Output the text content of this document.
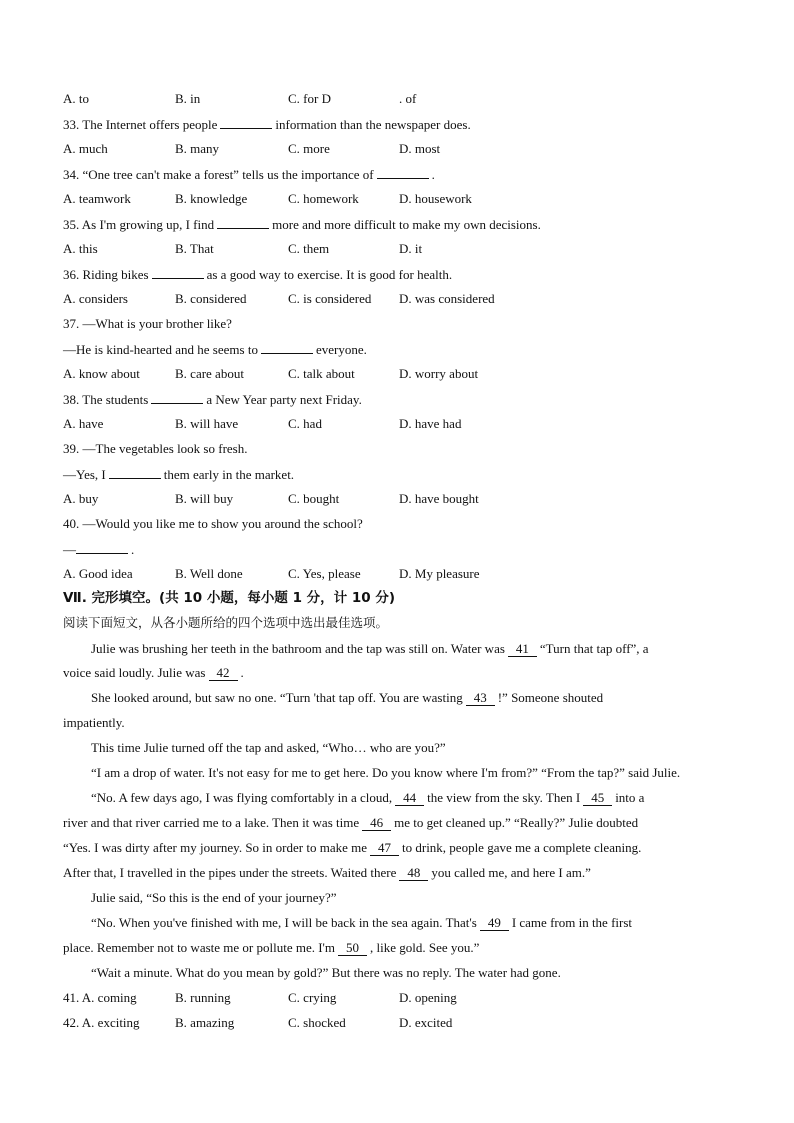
A. to	B. in	C. for D	. of
33. The Internet offers people	information than the newspaper does.
A. much	B. many	C. more	D. most
34. “One tree can't make a forest” tells us the importance of	.
A. teamwork	B. knowledge	C. homework	D. housework
35. As I'm growing up, I find	more and more difficult to make my own decisions.
A. this	B. That	C. them	D. it
36. Riding bikes	as a good way to exercise. It is good for health.
A. considers	B. considered	C. is considered D. was considered
37. —What is your brother like?
—He is kind-hearted and he seems to	everyone.
A. know about	B. care about	C. talk about	D. worry about
38. The students	a New Year party next Friday.
A. have	B. will have	C. had	D. have had
39. —The vegetables look so fresh.
—Yes, I	them early in the market.
A. buy	B. will buy	C. bought	D. have bought
40. —Would you like me to show you around the school?
—	.
A. Good idea	B. Well done	C. Yes, please	D. My pleasure
Ⅶ. 完形填空。(共 10 小题，每小题 1 分，计 10 分)
阅读下面短文，从各小题所给的四个选项中选出最佳选项。
Julie was brushing her teeth in the bathroom and the tap was still on. Water was 41 “Turn that tap off”, a
voice said loudly. Julie was 42 .
She looked around, but saw no one. “Turn 'that tap off. You are wasting 43 !” Someone shouted
impatiently.
This time Julie turned off the tap and asked, “Who… who are you?”
“I am a drop of water. It's not easy for me to get here. Do you know where I'm from?” “From the tap?” said Julie.
“No. A few days ago, I was flying comfortably in a cloud, 44 the view from the sky. Then I 45 into a
river and that river carried me to a lake. Then it was time 46 me to get cleaned up.” “Really?” Julie doubted
“Yes. I was dirty after my journey. So in order to make me 47 to drink, people gave me a complete cleaning.
After that, I travelled in the pipes under the streets. Waited there 48 you called me, and here I am.”
Julie said, “So this is the end of your journey?”
“No. When you've finished with me, I will be back in the sea again. That's 49 I came from in the first
place. Remember not to waste me or pollute me. I'm 50 , like gold. See you.”
“Wait a minute. What do you mean by gold?” But there was no reply. The water had gone.
41. A. coming	B. running	C. crying	D. opening
42. A. exciting	B. amazing	C. shocked	D. excited
